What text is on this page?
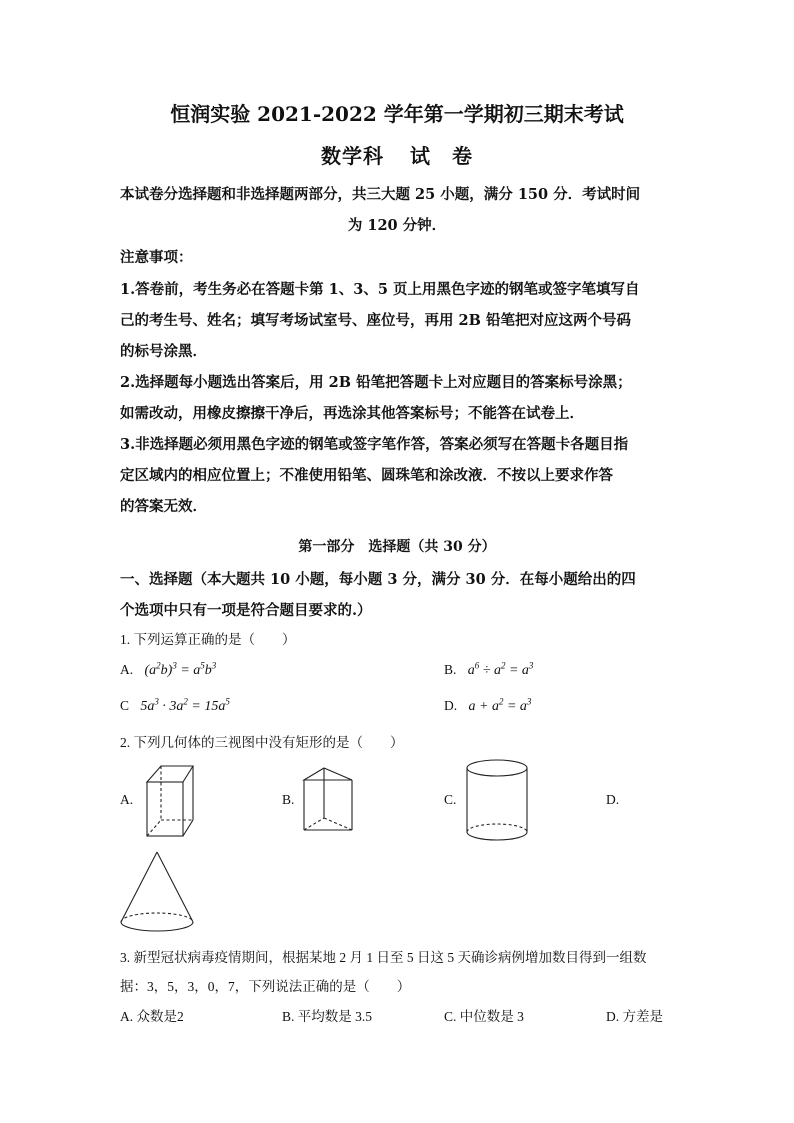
恒润实验 2021-2022 学年第一学期初三期末考试
数学科 试　卷
本试卷分选择题和非选择题两部分，共三大题 25 小题，满分 150 分．考试时间
为 120 分钟．
注意事项：
1.答卷前，考生务必在答题卡第 1、3、5 页上用黑色字迹的钢笔或签字笔填写自
己的考生号、姓名；填写考场试室号、座位号，再用 2B 铅笔把对应这两个号码
的标号涂黑．
2.选择题每小题选出答案后，用 2B 铅笔把答题卡上对应题目的答案标号涂黑；
如需改动，用橡皮擦擦干净后，再选涂其他答案标号；不能答在试卷上．
3.非选择题必须用黑色字迹的钢笔或签字笔作答，答案必须写在答题卡各题目指
定区域内的相应位置上；不准使用铅笔、圆珠笔和涂改液．不按以上要求作答
的答案无效．
第一部分　选择题（共 30 分）
一、选择题（本大题共 10 小题，每小题 3 分，满分 30 分．在每小题给出的四
个选项中只有一项是符合题目要求的.）
1. 下列运算正确的是（　　）
A. $(a^2b)^3 = a^5b^3$	B. $a^6 \div a^2 = a^3$
C $5a^3 \cdot 3a^2 = 15a^5$	D. $a + a^2 = a^3$
2. 下列几何体的三视图中没有矩形的是（　　）
A.	B.	C.	D.
3. 新型冠状病毒疫情期间，根据某地 2 月 1 日至 5 日这 5 天确诊病例增加数目得到一组数
据：3，5，3，0，7，下列说法正确的是（　　）
A. 众数是2	B. 平均数是 3.5	C. 中位数是 3	D. 方差是
